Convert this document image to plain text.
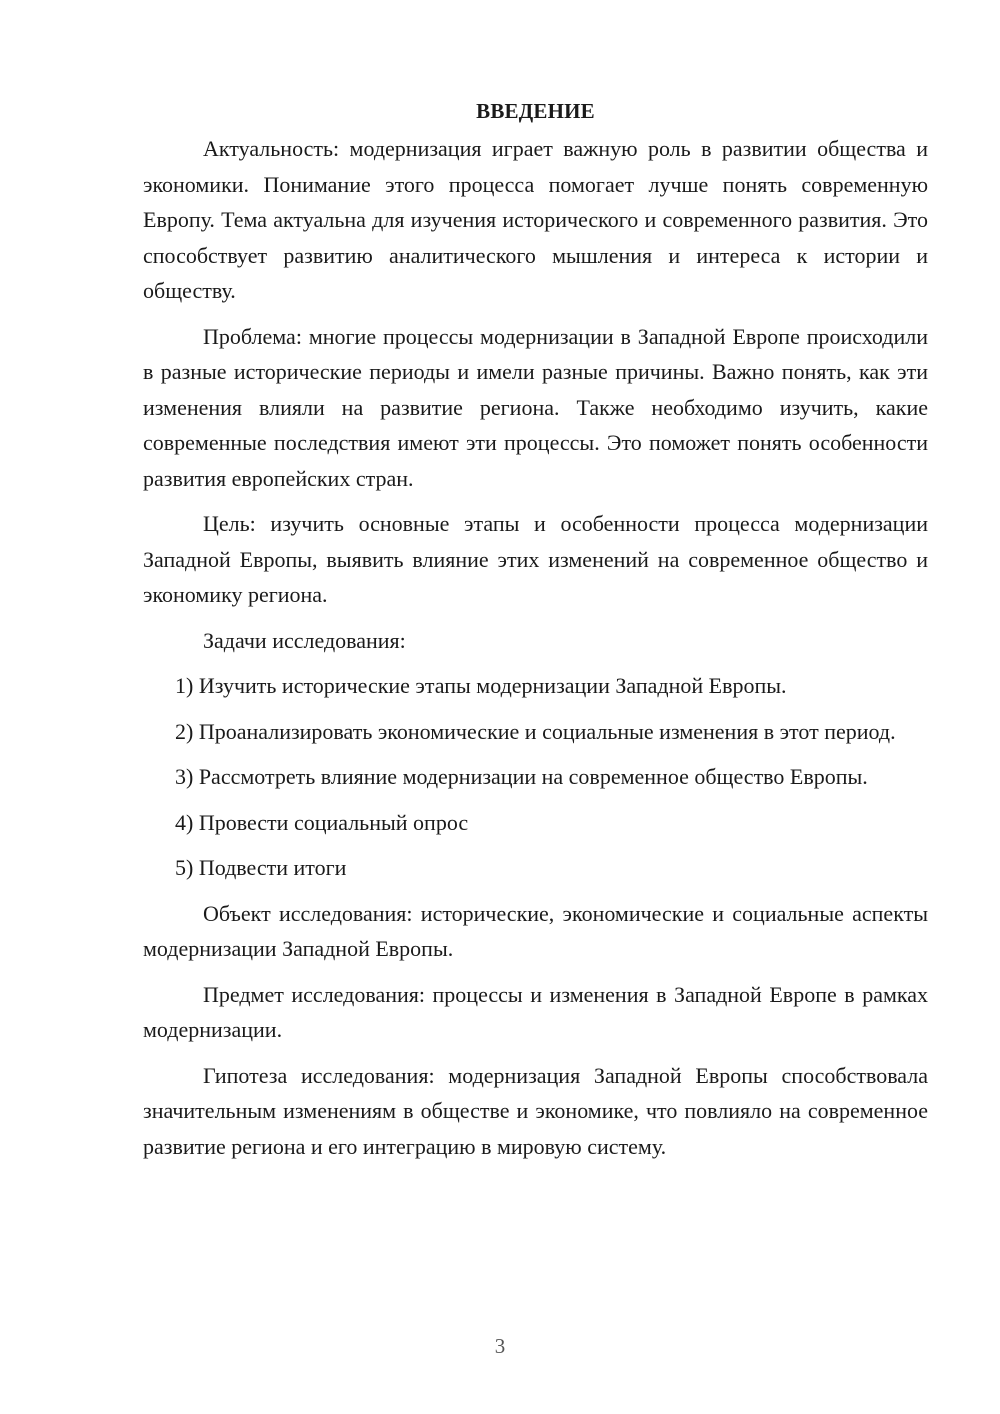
ВВЕДЕНИЕ

Актуальность: модернизация играет важную роль в развитии общества и экономики. Понимание этого процесса помогает лучше понять современную Европу. Тема актуальна для изучения исторического и современного развития. Это способствует развитию аналитического мышления и интереса к истории и обществу.

Проблема: многие процессы модернизации в Западной Европе происходили в разные исторические периоды и имели разные причины. Важно понять, как эти изменения влияли на развитие региона. Также необходимо изучить, какие современные последствия имеют эти процессы. Это поможет понять особенности развития европейских стран.

Цель: изучить основные этапы и особенности процесса модернизации Западной Европы, выявить влияние этих изменений на современное общество и экономику региона.

Задачи исследования:

1) Изучить исторические этапы модернизации Западной Европы.

2) Проанализировать экономические и социальные изменения в этот период.

3) Рассмотреть влияние модернизации на современное общество Европы.

4) Провести социальный опрос

5) Подвести итоги

Объект исследования: исторические, экономические и социальные аспекты модернизации Западной Европы.

Предмет исследования: процессы и изменения в Западной Европе в рамках модернизации.

Гипотеза исследования: модернизация Западной Европы способствовала значительным изменениям в обществе и экономике, что повлияло на современное развитие региона и его интеграцию в мировую систему.

3
